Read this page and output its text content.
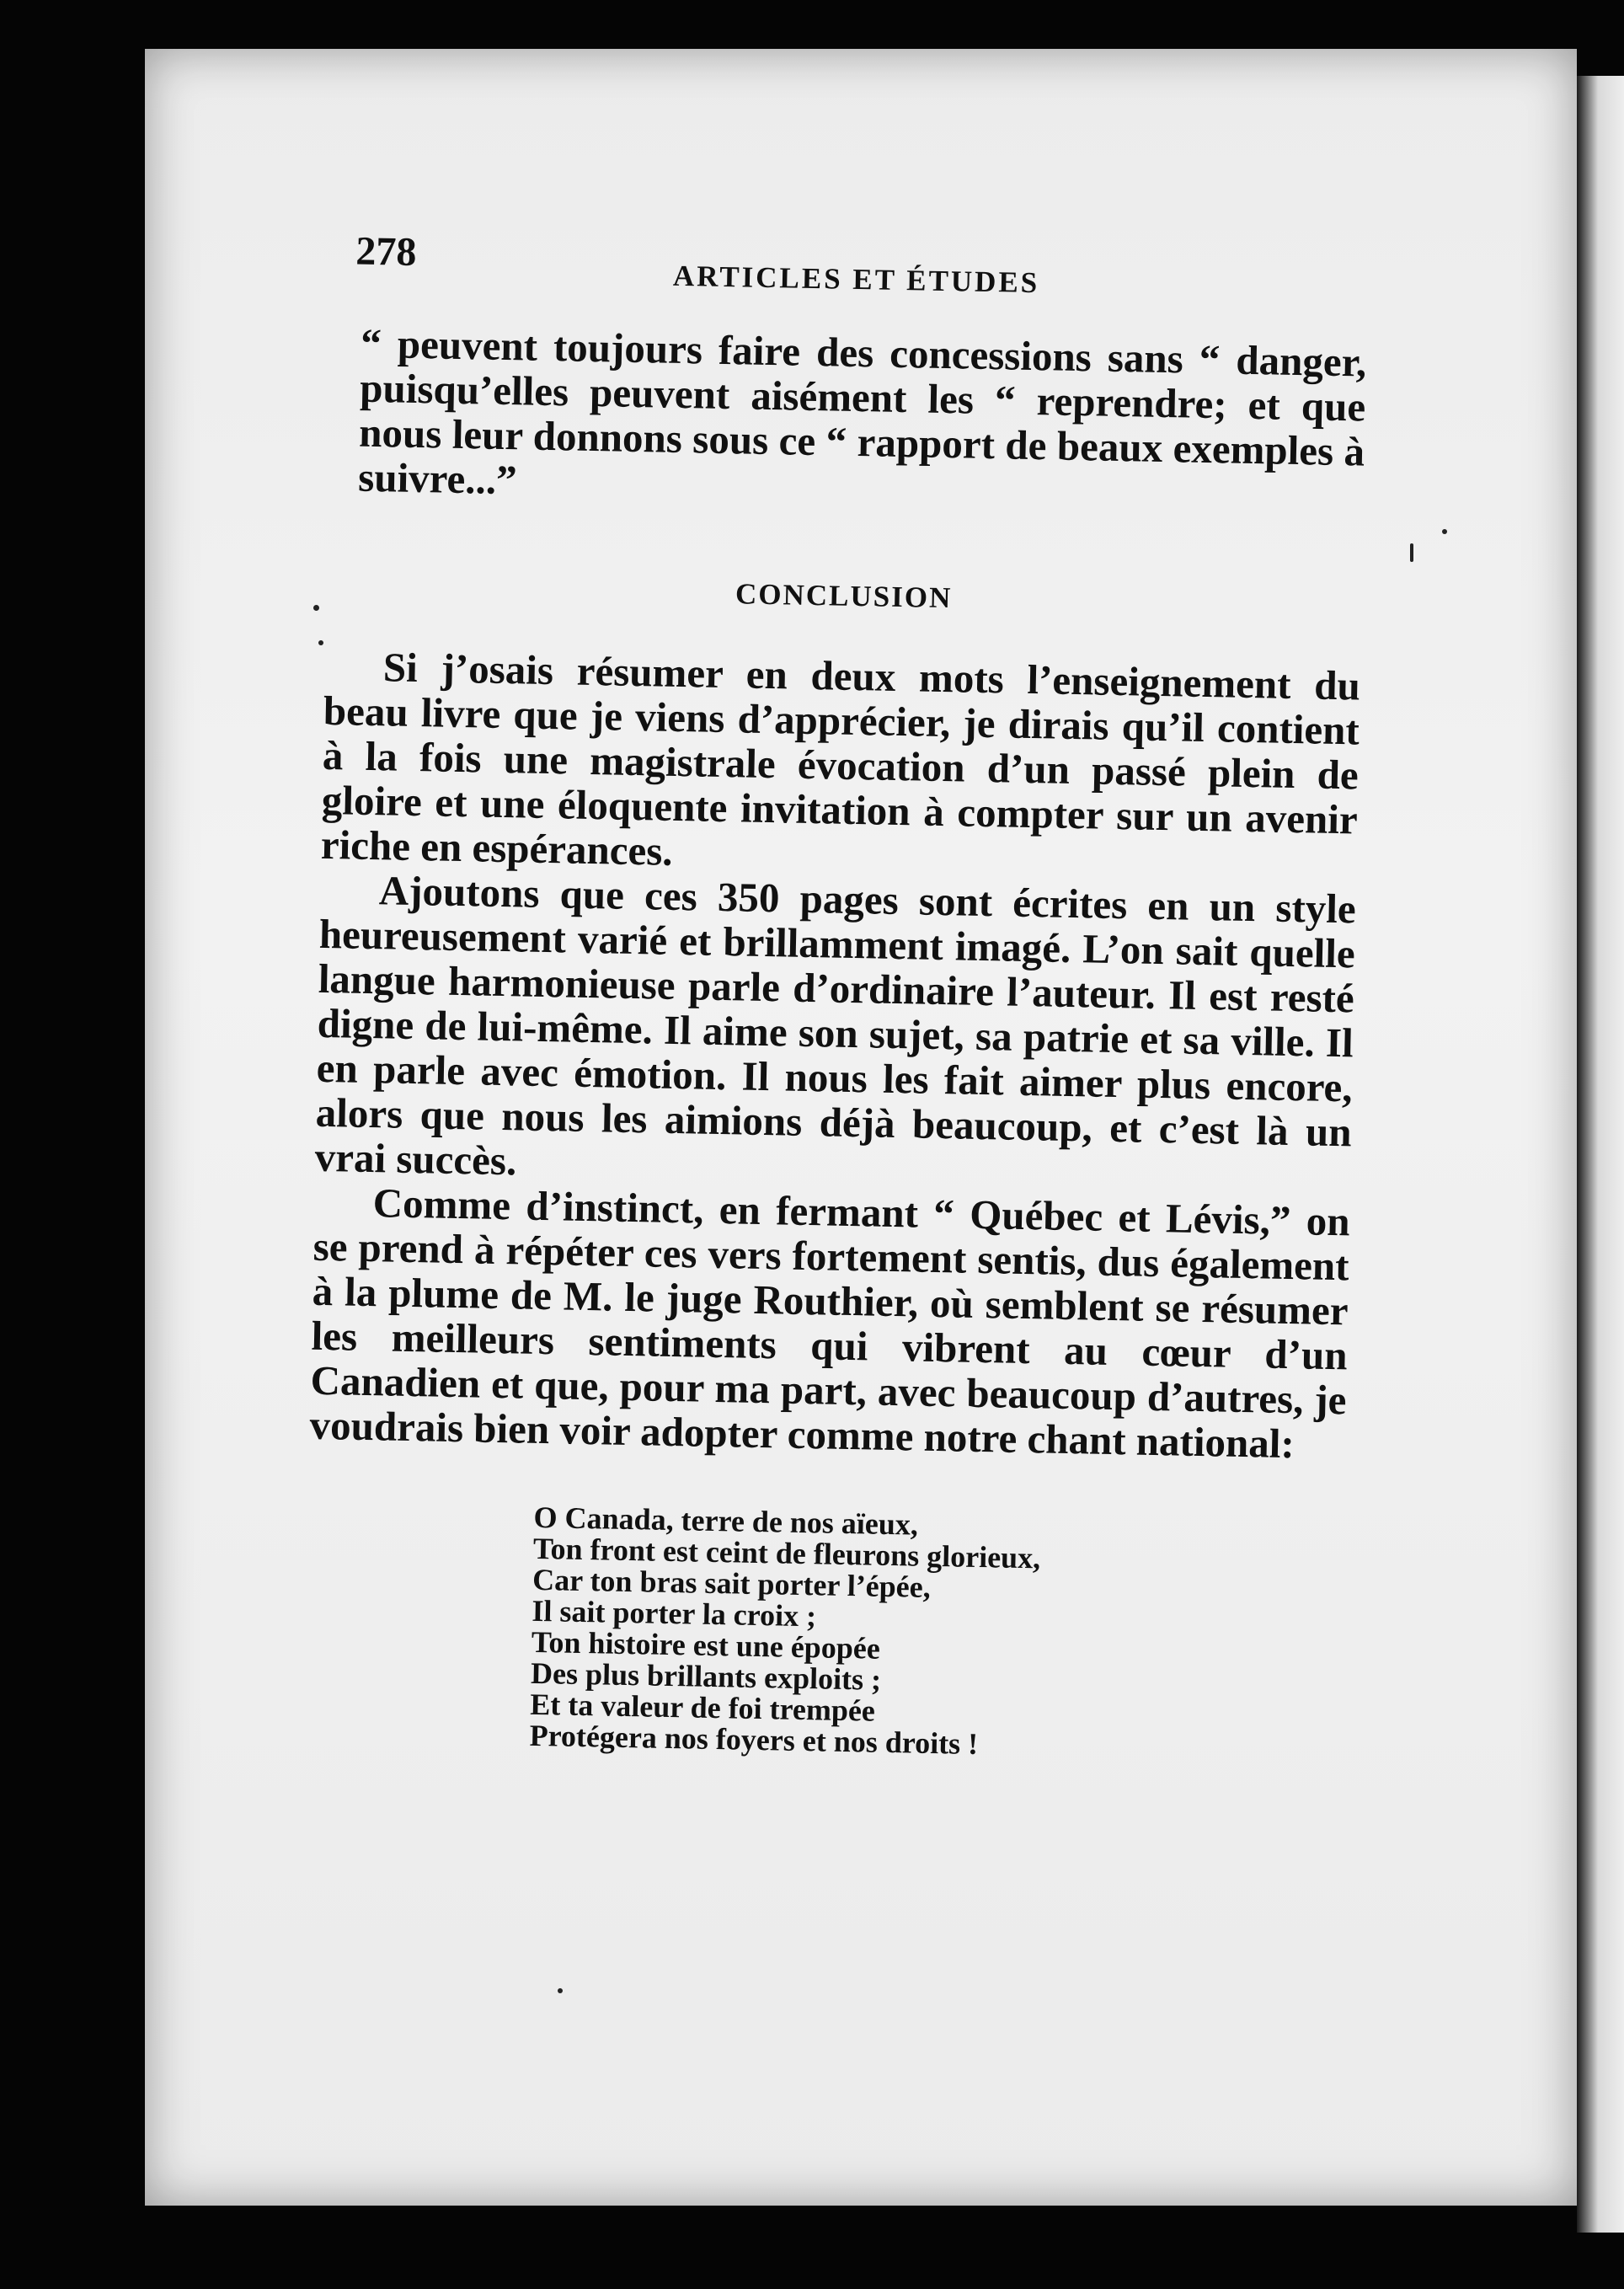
278
ARTICLES ET ÉTUDES

“ peuvent toujours faire des concessions sans “ danger, puisqu’elles peuvent aisément les “ reprendre; et que nous leur donnons sous ce “ rapport de beaux exemples à suivre...”

CONCLUSION

Si j’osais résumer en deux mots l’enseignement du beau livre que je viens d’apprécier, je dirais qu’il contient à la fois une magistrale évocation d’un passé plein de gloire et une éloquente invitation à compter sur un avenir riche en espérances.

Ajoutons que ces 350 pages sont écrites en un style heureusement varié et brillamment imagé. L’on sait quelle langue harmonieuse parle d’ordinaire l’auteur. Il est resté digne de lui-même. Il aime son sujet, sa patrie et sa ville. Il en parle avec émotion. Il nous les fait aimer plus encore, alors que nous les aimions déjà beaucoup, et c’est là un vrai succès.

Comme d’instinct, en fermant “ Québec et Lévis,” on se prend à répéter ces vers fortement sentis, dus également à la plume de M. le juge Routhier, où semblent se résumer les meilleurs sentiments qui vibrent au cœur d’un Canadien et que, pour ma part, avec beaucoup d’autres, je voudrais bien voir adopter comme notre chant national:

O Canada, terre de nos aïeux,
Ton front est ceint de fleurons glorieux,
Car ton bras sait porter l’épée,
Il sait porter la croix ;
Ton histoire est une épopée
Des plus brillants exploits ;
Et ta valeur de foi trempée
Protégera nos foyers et nos droits !
